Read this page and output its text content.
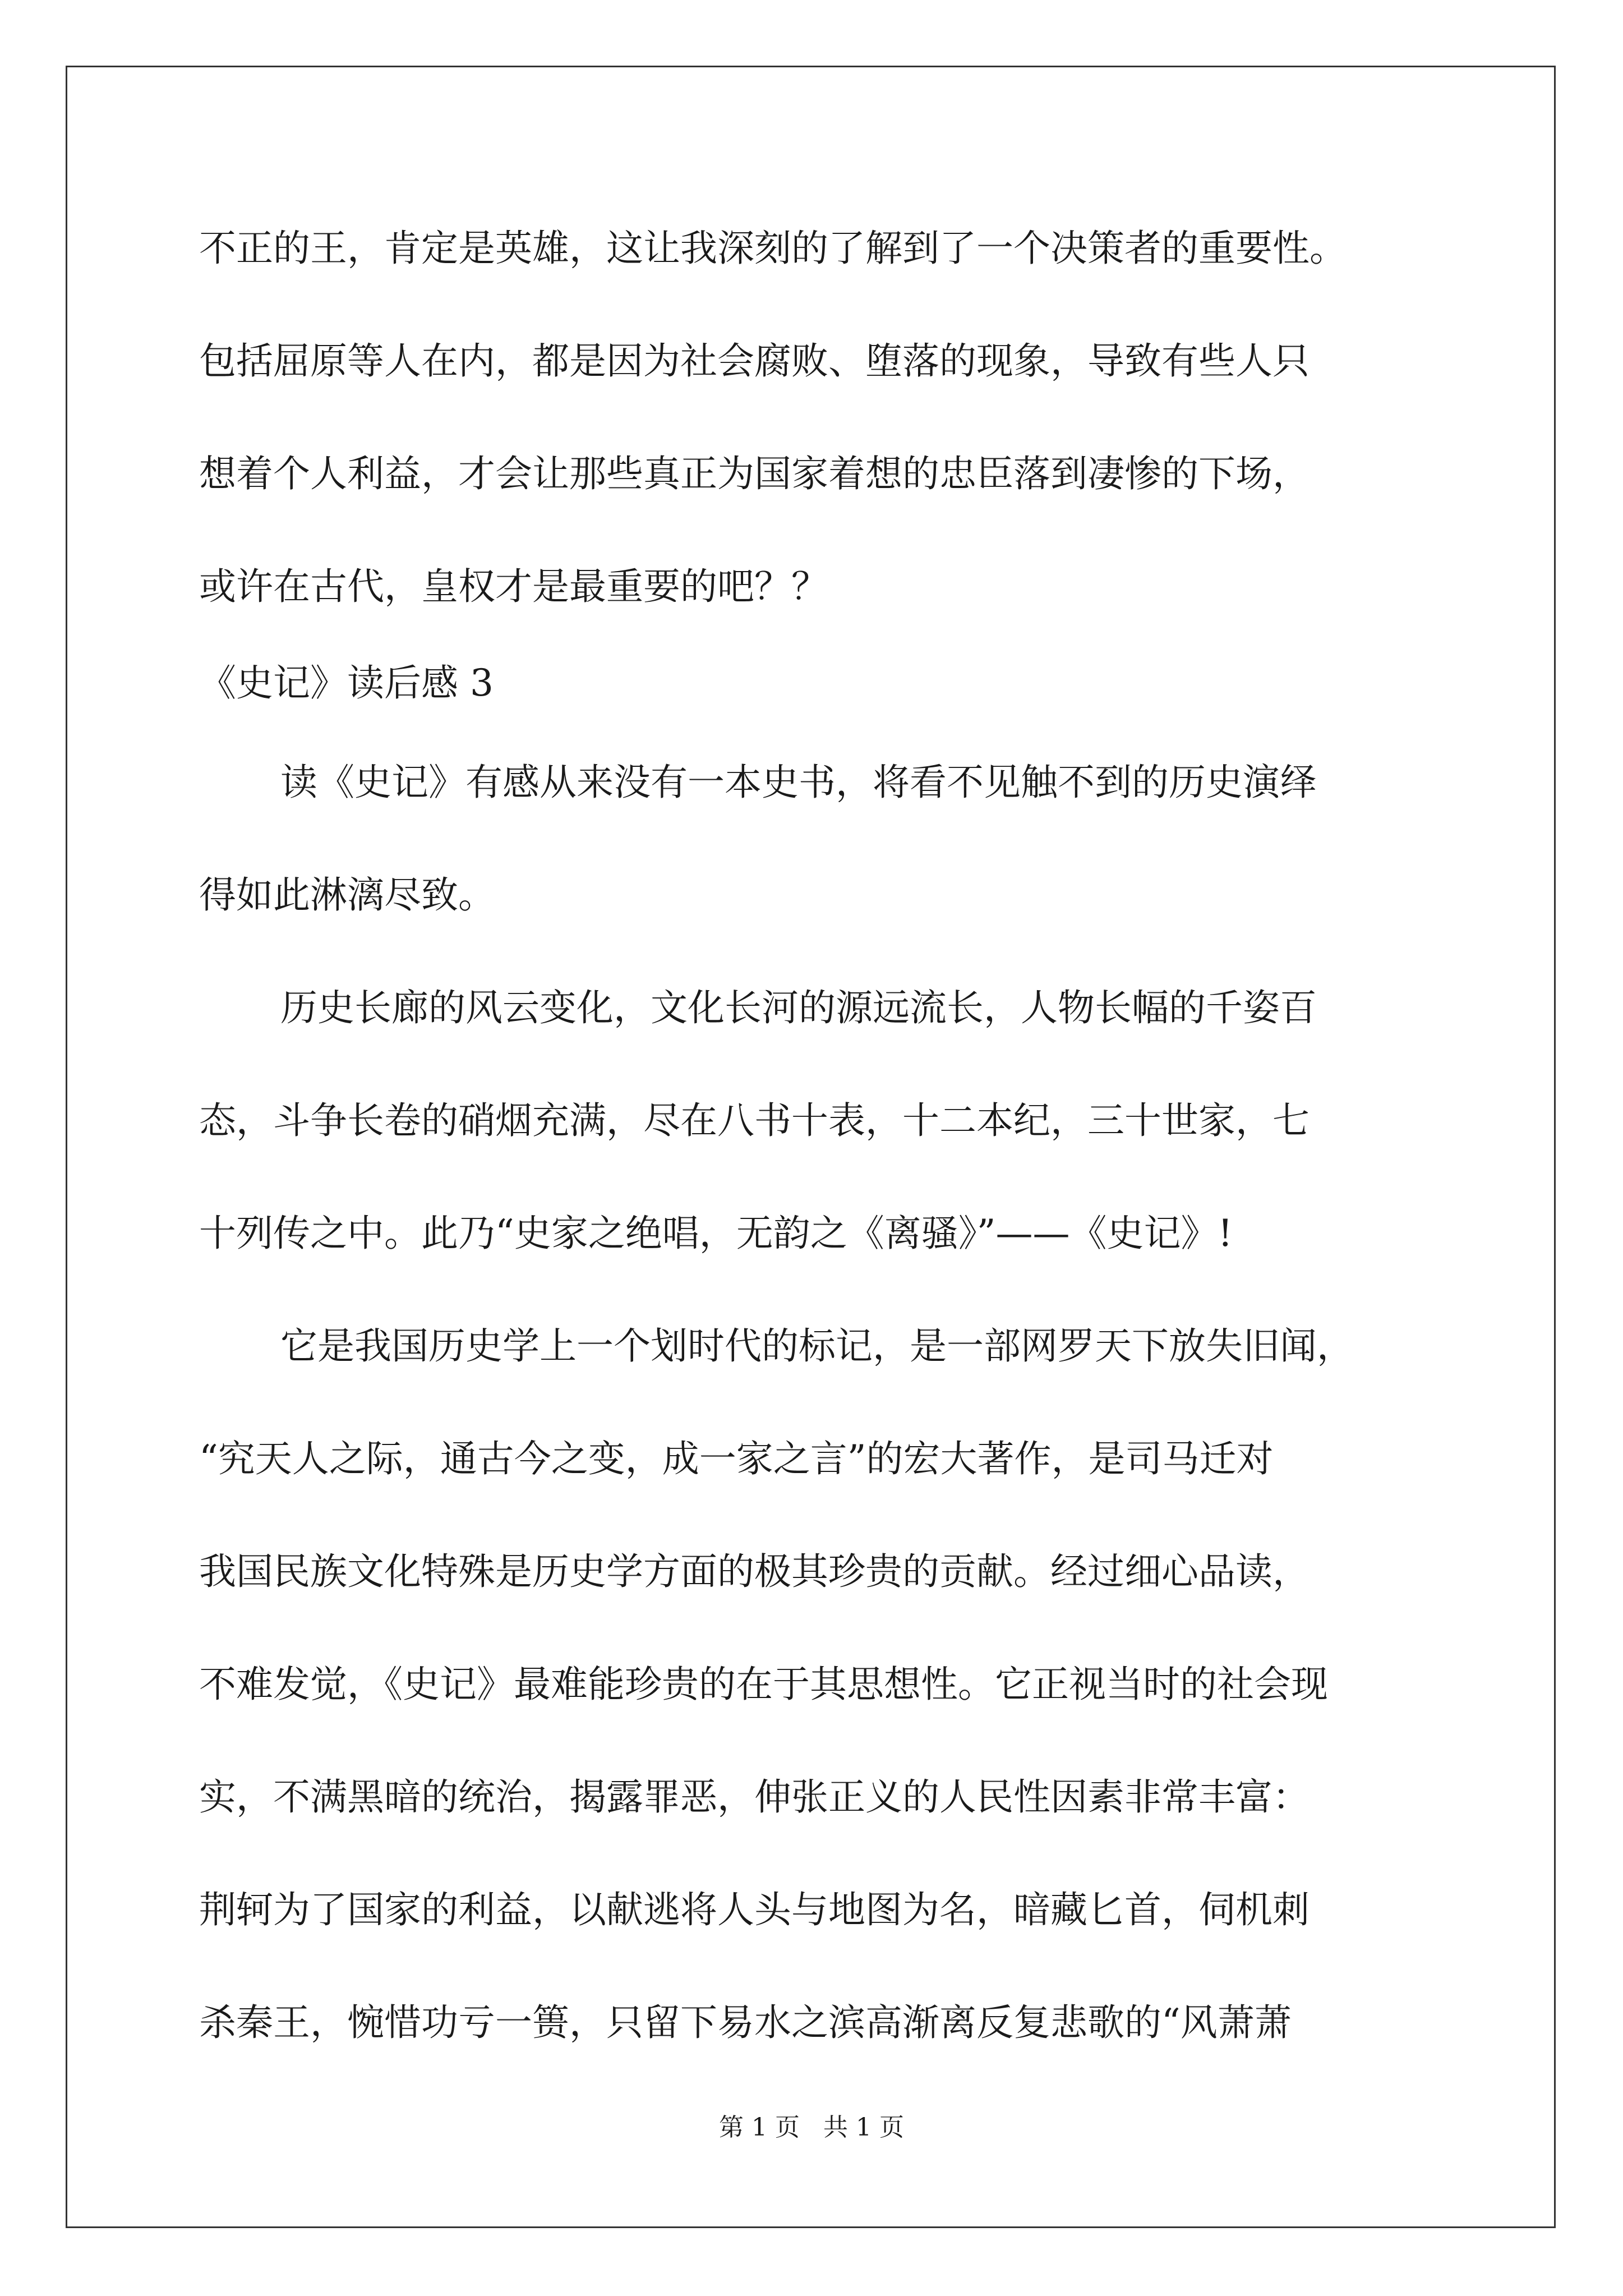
不正的王，肯定是英雄，这让我深刻的了解到了一个决策者的重要性。
包括屈原等人在内，都是因为社会腐败、堕落的现象，导致有些人只
想着个人利益，才会让那些真正为国家着想的忠臣落到凄惨的下场，
或许在古代，皇权才是最重要的吧？？
《史记》读后感 3
读《史记》有感从来没有一本史书，将看不见触不到的历史演绎
得如此淋漓尽致。
历史长廊的风云变化，文化长河的源远流长，人物长幅的千姿百
态，斗争长卷的硝烟充满，尽在八书十表，十二本纪，三十世家，七
十列传之中。此乃“史家之绝唱，无韵之《离骚》”——《史记》!
它是我国历史学上一个划时代的标记，是一部网罗天下放失旧闻，
“究天人之际，通古今之变，成一家之言”的宏大著作，是司马迁对
我国民族文化特殊是历史学方面的极其珍贵的贡献。经过细心品读，
不难发觉，《史记》最难能珍贵的在于其思想性。它正视当时的社会现
实，不满黑暗的统治，揭露罪恶，伸张正义的人民性因素非常丰富：
荆轲为了国家的利益，以献逃将人头与地图为名，暗藏匕首，伺机刺
杀秦王，惋惜功亏一篑，只留下易水之滨高渐离反复悲歌的“风萧萧
第 1 页 共 1 页
